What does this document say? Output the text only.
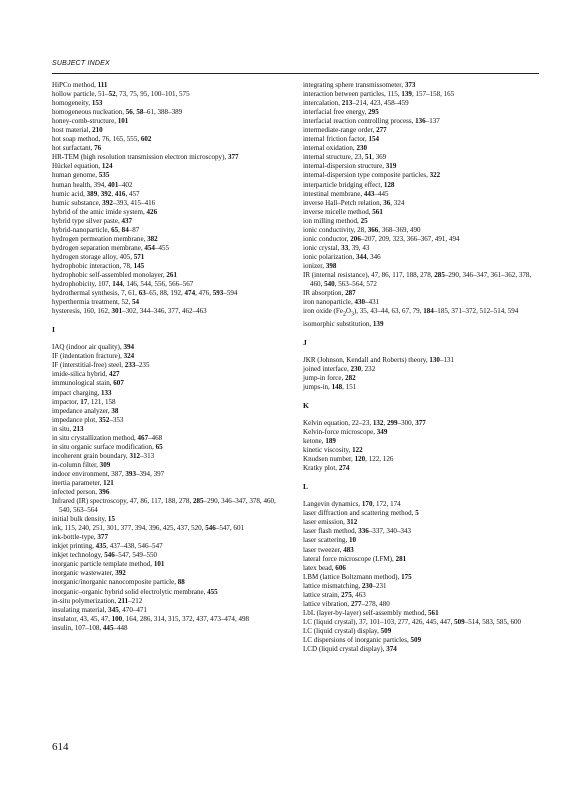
SUBJECT INDEX
HiPCo method, 111
hollow particle, 51–52, 73, 75, 95, 100–101, 575
homogeneity, 153
homogeneous nucleation, 56, 58–61, 388–389
honey-comb-structure, 101
host material, 210
hot soap method, 76, 165, 555, 602
hot surfactant, 76
HR-TEM (high resolution transmission electron microscopy), 377
Hückel equation, 124
human genome, 535
human health, 394, 401–402
humic acid, 389, 392, 416, 457
humic substance, 392–393, 415–416
hybrid of the amic imide system, 426
hybrid type silver paste, 437
hybrid-nanoparticle, 65, 84–87
hydrogen permeation membrane, 382
hydrogen separation membrane, 454–455
hydrogen storage alloy, 405, 571
hydrophobic interaction, 78, 145
hydrophobic self-assembled monolayer, 261
hydrophobicity, 107, 144, 146, 544, 556, 566–567
hydrothermal synthesis, 7, 61, 63–65, 88, 192, 474, 476, 593–594
hyperthermia treatment, 52, 54
hysteresis, 160, 162, 301–302, 344–346, 377, 462–463
I
IAQ (indoor air quality), 394
IF (indentation fracture), 324
IF (interstitial-free) steel, 233–235
imide-silica hybrid, 427
immunological stain, 607
impact charging, 133
impactor, 17, 121, 158
impedance analyzer, 38
impedance plot, 352–353
in situ, 213
in situ crystallization method, 467–468
in situ organic surface modification, 65
incoherent grain boundary, 312–313
in-column filter, 309
indoor environment, 387, 393–394, 397
inertia parameter, 121
infected person, 396
Infrared (IR) spectroscopy, 47, 86, 117, 188, 278, 285–290, 346–347, 378, 460, 540, 563–564
initial bulk density, 15
ink, 115, 240, 251, 301, 377, 394, 396, 425, 437, 520, 546–547, 601
ink-bottle-type, 377
inkjet printing, 435, 437–438, 546–547
inkjet technology, 546–547, 549–550
inorganic particle template method, 101
inorganic wastewater, 392
inorganic/inorganic nanocomposite particle, 88
inorganic–organic hybrid solid electrolytic membrane, 455
in-situ polymerization, 211–212
insulating material, 345, 470–471
insulator, 43, 45, 47, 100, 164, 286, 314, 315, 372, 437, 473–474, 498
insulin, 107–108, 445–448
integrating sphere transmissometer, 373
interaction between particles, 115, 139, 157–158, 165
intercalation, 213–214, 423, 458–459
interfacial free energy, 295
interfacial reaction controlling process, 136–137
intermediate-range order, 277
internal friction factor, 154
internal oxidation, 230
internal structure, 23, 51, 369
internal-dispersion structure, 319
internal-dispersion type composite particles, 322
interparticle bridging effect, 128
intestinal membrane, 443–445
inverse Hall–Petch relation, 36, 324
inverse micelle method, 561
ion milling method, 25
ionic conductivity, 28, 366, 368–369, 490
ionic conductor, 206–207, 209, 323, 366–367, 491, 494
ionic crystal, 33, 39, 43
ionic polarization, 344, 346
ionizer, 398
IR (internal resistance), 47, 86, 117, 188, 278, 285–290, 346–347, 361–362, 378, 460, 540, 563–564, 572
IR absorption, 287
iron nanoparticle, 430–431
iron oxide $(Fe_2O_3)$, 35, 43–44, 63, 67, 79, 184–185, 371–372, 512–514, 594
isomorphic substitution, 139
J
JKR (Johnson, Kendall and Roberts) theory, 130–131
joined interface, 230, 232
jump-in force, 282
jumps-in, 148, 151
K
Kelvin equation, 22–23, 132, 299–300, 377
Kelvin-force microscope, 349
ketone, 189
kinetic viscosity, 122
Knudsen number, 120, 122, 126
Kratky plot, 274
L
Langevin dynamics, 170, 172, 174
laser diffraction and scattering method, 5
laser emission, 312
laser flash method, 336–337, 340–343
laser scattering, 10
laser tweezer, 483
lateral force microscope (LFM), 281
latex bead, 606
LBM (lattice Boltzmann method), 175
lattice mismatching, 230–231
lattice strain, 275, 463
lattice vibration, 277–278, 480
LbL (layer-by-layer) self-assembly method, 561
LC (liquid crystal), 37, 101–103, 277, 426, 445, 447, 509–514, 583, 585, 600
LC (liquid crystal) display, 509
LC dispersions of inorganic particles, 509
LCD (liquid crystal display), 374
614
